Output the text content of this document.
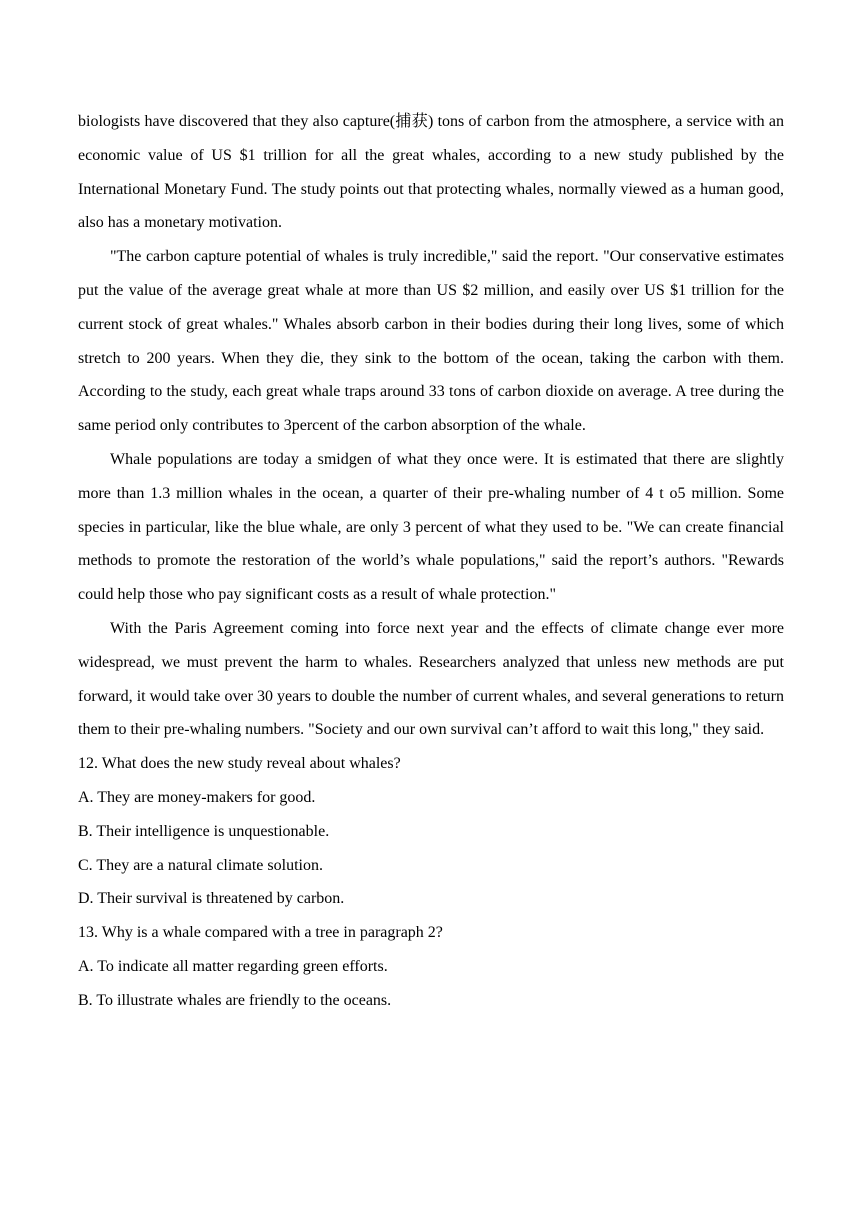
biologists have discovered that they also capture(捕获) tons of carbon from the atmosphere, a service with an economic value of US $1 trillion for all the great whales, according to a new study published by the International Monetary Fund. The study points out that protecting whales, normally viewed as a human good, also has a monetary motivation.

"The carbon capture potential of whales is truly incredible," said the report. "Our conservative estimates put the value of the average great whale at more than US $2 million, and easily over US $1 trillion for the current stock of great whales." Whales absorb carbon in their bodies during their long lives, some of which stretch to 200 years. When they die, they sink to the bottom of the ocean, taking the carbon with them. According to the study, each great whale traps around 33 tons of carbon dioxide on average. A tree during the same period only contributes to 3percent of the carbon absorption of the whale.

Whale populations are today a smidgen of what they once were. It is estimated that there are slightly more than 1.3 million whales in the ocean, a quarter of their pre-whaling number of 4 t o5 million. Some species in particular, like the blue whale, are only 3 percent of what they used to be. "We can create financial methods to promote the restoration of the world’s whale populations," said the report’s authors. "Rewards could help those who pay significant costs as a result of whale protection."

With the Paris Agreement coming into force next year and the effects of climate change ever more widespread, we must prevent the harm to whales. Researchers analyzed that unless new methods are put forward, it would take over 30 years to double the number of current whales, and several generations to return them to their pre-whaling numbers. "Society and our own survival can’t afford to wait this long," they said.

12. What does the new study reveal about whales?

A. They are money-makers for good.

B. Their intelligence is unquestionable.

C. They are a natural climate solution.

D. Their survival is threatened by carbon.

13. Why is a whale compared with a tree in paragraph 2?

A. To indicate all matter regarding green efforts.

B. To illustrate whales are friendly to the oceans.
